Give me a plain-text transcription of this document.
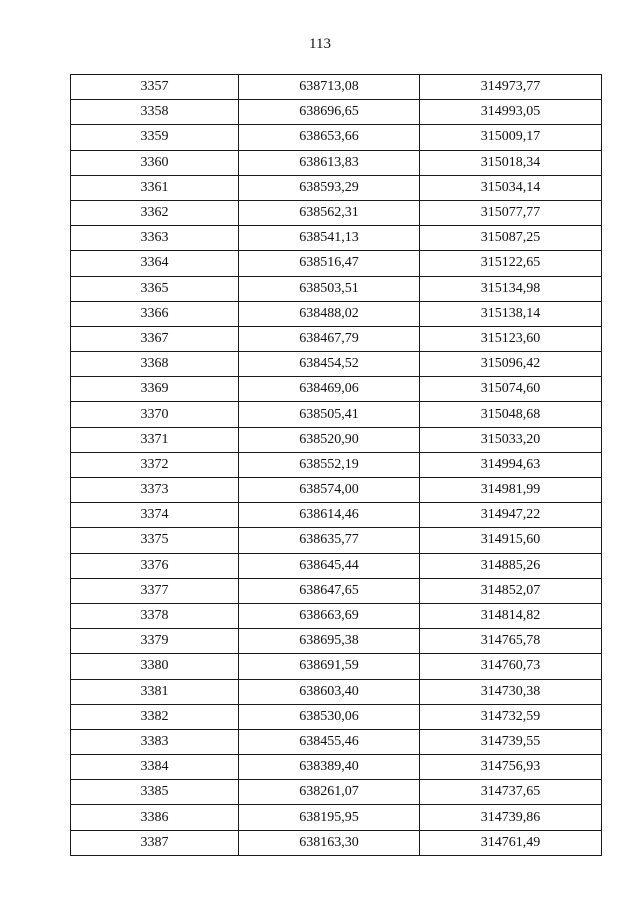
113
3357	638713,08	314973,77
3358	638696,65	314993,05
3359	638653,66	315009,17
3360	638613,83	315018,34
3361	638593,29	315034,14
3362	638562,31	315077,77
3363	638541,13	315087,25
3364	638516,47	315122,65
3365	638503,51	315134,98
3366	638488,02	315138,14
3367	638467,79	315123,60
3368	638454,52	315096,42
3369	638469,06	315074,60
3370	638505,41	315048,68
3371	638520,90	315033,20
3372	638552,19	314994,63
3373	638574,00	314981,99
3374	638614,46	314947,22
3375	638635,77	314915,60
3376	638645,44	314885,26
3377	638647,65	314852,07
3378	638663,69	314814,82
3379	638695,38	314765,78
3380	638691,59	314760,73
3381	638603,40	314730,38
3382	638530,06	314732,59
3383	638455,46	314739,55
3384	638389,40	314756,93
3385	638261,07	314737,65
3386	638195,95	314739,86
3387	638163,30	314761,49
